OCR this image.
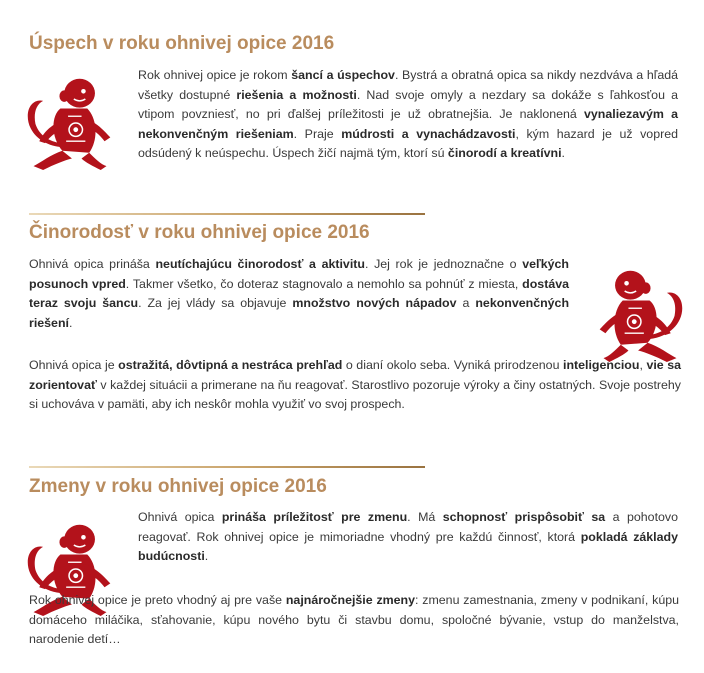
Úspech v roku ohnivej opice 2016

Rok ohnivej opice je rokom šancí a úspechov. Bystrá a obratná opica sa nikdy nezdváva a hľadá všetky dostupné riešenia a možnosti. Nad svoje omyly a nezdary sa dokáže s ľahkosťou a vtipom povzniesť, no pri ďalšej príležitosti je už obratnejšia. Je naklonená vynaliezavým a nekonvenčným riešeniam. Praje múdrosti a vynachádzavosti, kým hazard je už vopred odsúdený k neúspechu. Úspech žičí najmä tým, ktorí sú činorodí a kreatívni.

Činorodosť v roku ohnivej opice 2016

Ohnivá opica prináša neutíchajúcu činorodosť a aktivitu. Jej rok je jednoznačne o veľkých posunoch vpred. Takmer všetko, čo doteraz stagnovalo a nemohlo sa pohnúť z miesta, dostáva teraz svoju šancu. Za jej vlády sa objavuje množstvo nových nápadov a nekonvenčných riešení.

Ohnivá opica je ostražitá, dôvtipná a nestráca prehľad o dianí okolo seba. Vyniká prirodzenou inteligenciou, vie sa zorientovať v každej situácii a primerane na ňu reagovať. Starostlivo pozoruje výroky a činy ostatných. Svoje postrehy si uchováva v pamäti, aby ich neskôr mohla využiť vo svoj prospech.

Zmeny v roku ohnivej opice 2016

Ohnivá opica prináša príležitosť pre zmenu. Má schopnosť prispôsobiť sa a pohotovo reagovať. Rok ohnivej opice je mimoriadne vhodný pre každú činnosť, ktorá pokladá základy budúcnosti.

Rok ohnivej opice je preto vhodný aj pre vaše najnáročnejšie zmeny: zmenu zamestnania, zmeny v podnikaní, kúpu domáceho miláčika, sťahovanie, kúpu nového bytu či stavbu domu, spoločné bývanie, vstup do manželstva, narodenie detí…
